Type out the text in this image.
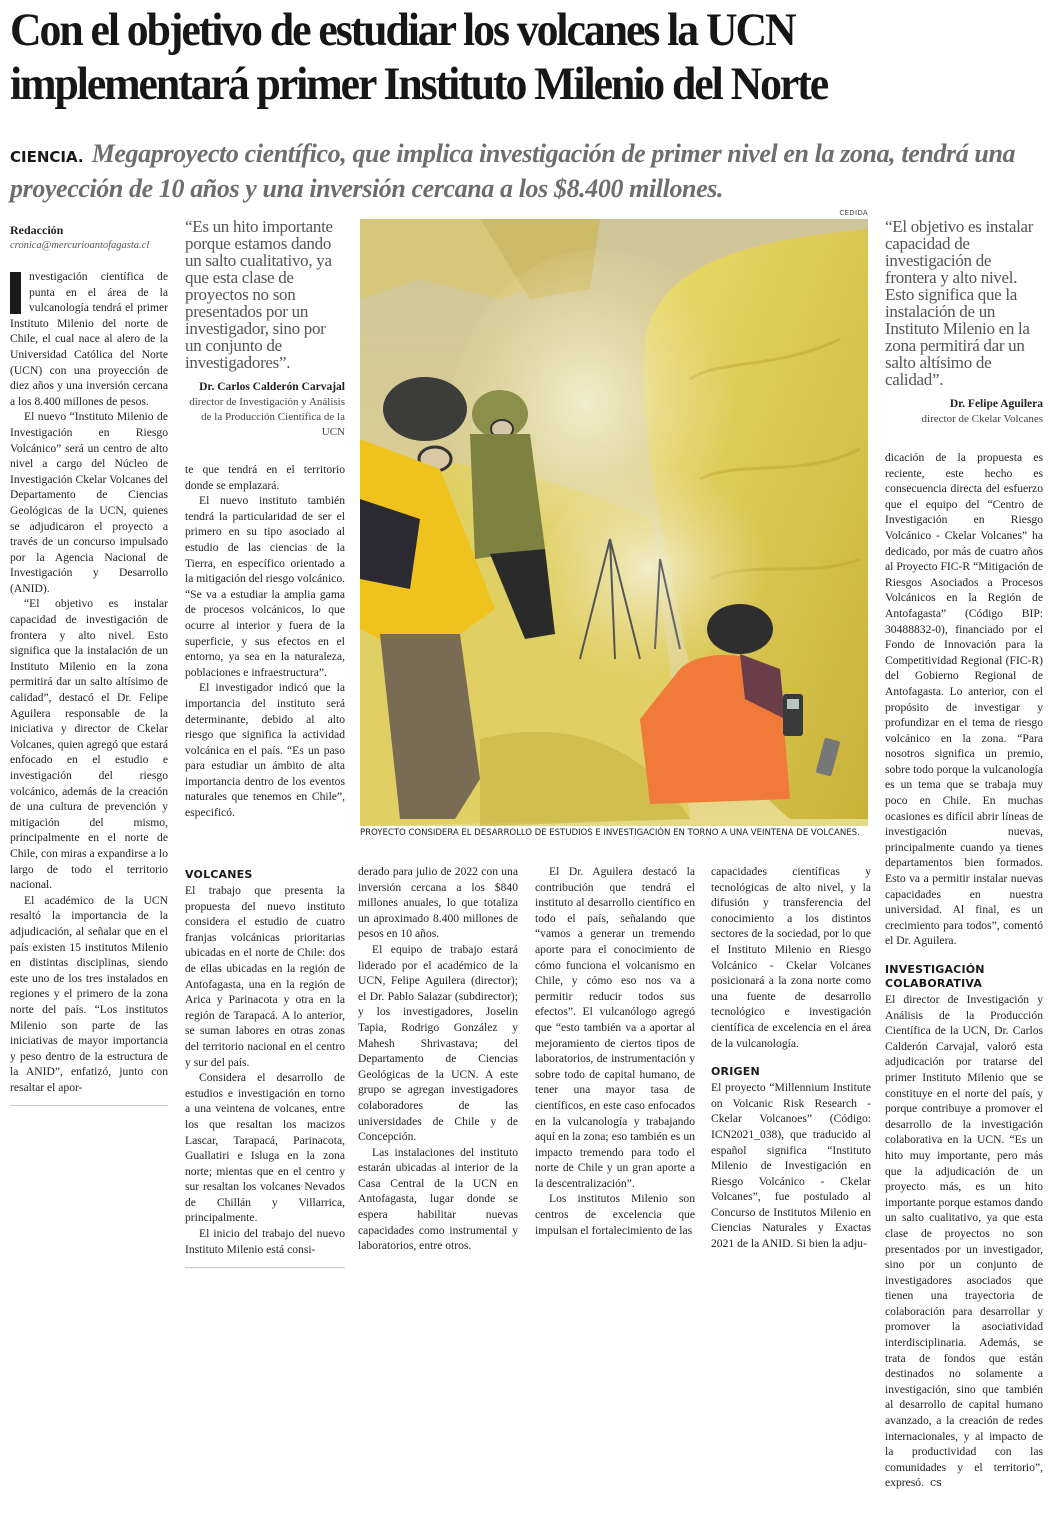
Con el objetivo de estudiar los volcanes la UCN
implementará primer Instituto Milenio del Norte
CIENCIA. Megaproyecto científico, que implica investigación de primer nivel en la zona, tendrá una proyección de 10 años y una inversión cercana a los $8.400 millones.
Redacción
cronica@mercurioantofagasta.cl

nvestigación científica de punta en el área de la vulcanología tendrá el primer Instituto Milenio del norte de Chile, el cual nace al alero de la Universidad Católica del Norte (UCN) con una proyección de diez años y una inversión cercana a los 8.400 millones de pesos.

El nuevo “Instituto Milenio de Investigación en Riesgo Volcánico” será un centro de alto nivel a cargo del Núcleo de Investigación Ckelar Volcanes del Departamento de Ciencias Geológicas de la UCN, quienes se adjudicaron el proyecto a través de un concurso impulsado por la Agencia Nacional de Investigación y Desarrollo (ANID).

“El objetivo es instalar capacidad de investigación de frontera y alto nivel. Esto significa que la instalación de un Instituto Milenio en la zona permitirá dar un salto altísimo de calidad”, destacó el Dr. Felipe Aguilera responsable de la iniciativa y director de Ckelar Volcanes, quien agregó que estará enfocado en el estudio e investigación del riesgo volcánico, además de la creación de una cultura de prevención y mitigación del mismo, principalmente en el norte de Chile, con miras a expandirse a lo largo de todo el territorio nacional.

El académico de la UCN resaltó la importancia de la adjudicación, al señalar que en el país existen 15 institutos Milenio en distintas disciplinas, siendo este uno de los tres instalados en regiones y el primero de la zona norte del país. “Los institutos Milenio son parte de las iniciativas de mayor importancia y peso dentro de la estructura de la ANID”, enfatizó, junto con resaltar el apor-

“Es un hito importante porque estamos dando un salto cualitativo, ya que esta clase de proyectos no son presentados por un investigador, sino por un conjunto de investigadores”.
Dr. Carlos Calderón Carvajal
director de Investigación y Análisis de la Producción Científica de la UCN

te que tendrá en el territorio donde se emplazará.

El nuevo instituto también tendrá la particularidad de ser el primero en su tipo asociado al estudio de las ciencias de la Tierra, en específico orientado a la mitigación del riesgo volcánico. “Se va a estudiar la amplia gama de procesos volcánicos, lo que ocurre al interior y fuera de la superficie, y sus efectos en el entorno, ya sea en la naturaleza, poblaciones e infraestructura”.

El investigador indicó que la importancia del instituto será determinante, debido al alto riesgo que significa la actividad volcánica en el país. “Es un paso para estudiar un ámbito de alta importancia dentro de los eventos naturales que tenemos en Chile”, especificó.

CEDIDA
PROYECTO CONSIDERA EL DESARROLLO DE ESTUDIOS E INVESTIGACIÓN EN TORNO A UNA VEINTENA DE VOLCANES.
VOLCANES

El trabajo que presenta la propuesta del nuevo instituto considera el estudio de cuatro franjas volcánicas prioritarias ubicadas en el norte de Chile: dos de ellas ubicadas en la región de Antofagasta, una en la región de Arica y Parinacota y otra en la región de Tarapacá. A lo anterior, se suman labores en otras zonas del territorio nacional en el centro y sur del país.

Considera el desarrollo de estudios e investigación en torno a una veintena de volcanes, entre los que resaltan los macizos Lascar, Tarapacá, Parinacota, Guallatiri e Isluga en la zona norte; mientas que en el centro y sur resaltan los volcanes Nevados de Chillán y Villarrica, principalmente.

El inicio del trabajo del nuevo Instituto Milenio está consi-

derado para julio de 2022 con una inversión cercana a los $840 millones anuales, lo que totaliza un aproximado 8.400 millones de pesos en 10 años.

El equipo de trabajo estará liderado por el académico de la UCN, Felipe Aguilera (director); el Dr. Pablo Salazar (subdirector); y los investigadores, Joselin Tapia, Rodrigo González y Mahesh Shrivastava; del Departamento de Ciencias Geológicas de la UCN. A este grupo se agregan investigadores colaboradores de las universidades de Chile y de Concepción.

Las instalaciones del instituto estarán ubicadas al interior de la Casa Central de la UCN en Antofagasta, lugar donde se espera habilitar nuevas capacidades como instrumental y laboratorios, entre otros.

El Dr. Aguilera destacó la contribución que tendrá el instituto al desarrollo científico en todo el país, señalando que “vamos a generar un tremendo aporte para el conocimiento de cómo funciona el volcanismo en Chile, y cómo eso nos va a permitir reducir todos sus efectos”. El vulcanólogo agregó que “esto también va a aportar al mejoramiento de ciertos tipos de laboratorios, de instrumentación y sobre todo de capital humano, de tener una mayor tasa de científicos, en este caso enfocados en la vulcanología y trabajando aquí en la zona; eso también es un impacto tremendo para todo el norte de Chile y un gran aporte a la descentralización”.

Los institutos Milenio son centros de excelencia que impulsan el fortalecimiento de las

capacidades científicas y tecnológicas de alto nivel, y la difusión y transferencia del conocimiento a los distintos sectores de la sociedad, por lo que el Instituto Milenio en Riesgo Volcánico - Ckelar Volcanes posicionará a la zona norte como una fuente de desarrollo tecnológico e investigación científica de excelencia en el área de la vulcanología.

ORIGEN

El proyecto “Millennium Institute on Volcanic Risk Research - Ckelar Volcanoes” (Código: ICN2021_038), que traducido al español significa “Instituto Milenio de Investigación en Riesgo Volcánico - Ckelar Volcanes”, fue postulado al Concurso de Institutos Milenio en Ciencias Naturales y Exactas 2021 de la ANID. Si bien la adju-

“El objetivo es instalar capacidad de investigación de frontera y alto nivel. Esto significa que la instalación de un Instituto Milenio en la zona permitirá dar un salto altísimo de calidad”.
Dr. Felipe Aguilera
director de Ckelar Volcanes

dicación de la propuesta es reciente, este hecho es consecuencia directa del esfuerzo que el equipo del “Centro de Investigación en Riesgo Volcánico - Ckelar Volcanes” ha dedicado, por más de cuatro años al Proyecto FIC-R “Mitigación de Riesgos Asociados a Procesos Volcánicos en la Región de Antofagasta” (Código BIP: 30488832-0), financiado por el Fondo de Innovación para la Competitividad Regional (FIC-R) del Gobierno Regional de Antofagasta. Lo anterior, con el propósito de investigar y profundizar en el tema de riesgo volcánico en la zona. “Para nosotros significa un premio, sobre todo porque la vulcanología es un tema que se trabaja muy poco en Chile. En muchas ocasiones es difícil abrir líneas de investigación nuevas, principalmente cuando ya tienes departamentos bien formados. Esto va a permitir instalar nuevas capacidades en nuestra universidad. Al final, es un crecimiento para todos”, comentó el Dr. Aguilera.

INVESTIGACIÓN COLABORATIVA

El director de Investigación y Análisis de la Producción Científica de la UCN, Dr. Carlos Calderón Carvajal, valoró esta adjudicación por tratarse del primer Instituto Milenio que se constituye en el norte del país, y porque contribuye a promover el desarrollo de la investigación colaborativa en la UCN. “Es un hito muy importante, pero más que la adjudicación de un proyecto más, es un hito importante porque estamos dando un salto cualitativo, ya que esta clase de proyectos no son presentados por un investigador, sino por un conjunto de investigadores asociados que tienen una trayectoria de colaboración para desarrollar y promover la asociatividad interdisciplinaria. Además, se trata de fondos que están destinados no solamente a investigación, sino que también al desarrollo de capital humano avanzado, a la creación de redes internacionales, y al impacto de la productividad con las comunidades y el territorio”, expresó. cs
